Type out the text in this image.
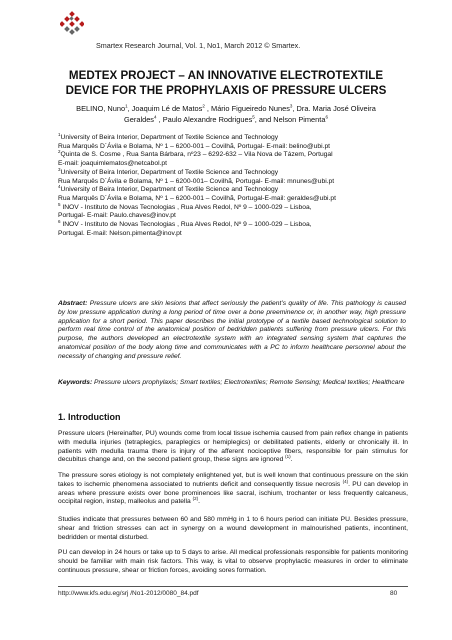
Smartex Research Journal, Vol. 1, No1, March 2012 © Smartex.
MEDTEX PROJECT – AN INNOVATIVE ELECTROTEXTILE
DEVICE FOR THE PROPHYLAXIS OF PRESSURE ULCERS
BELINO, Nuno$^1$, Joaquim Lé de Matos$^2$ , Mário Figueiredo Nunes$^3$, Dra. Maria José Oliveira
Geraldes$^4$ , Paulo Alexandre Rodrigues$^5$, and Nelson Pimenta$^6$

$^1$University of Beira Interior, Department of Textile Science and Technology

Rua Marquês D´Ávila e Bolama, Nº 1 – 6200-001 – Covilhã, Portugal- E-mail: belino@ubi.pt

$^2$Quinta de S. Cosme , Rua Santa Bárbara, nº23 – 6292-632 – Vila Nova de Tázem, Portugal

E-mail: joaquimlematos@netcabol.pt

$^3$University of Beira Interior, Department of Textile Science and Technology

Rua Marquês D´Ávila e Bolama, Nº 1 – 6200-001– Covilhã, Portugal- E-mail: mnunes@ubi.pt

$^4$University of Beira Interior, Department of Textile Science and Technology

Rua Marquês D´Ávila e Bolama, Nº 1 – 6200-001 – Covilhã, Portugal-E-mail: geraldes@ubi.pt

$^5$ INOV - Instituto de Novas Tecnologias , Rua Alves Redol, Nº 9 – 1000-029 – Lisboa,

Portugal- E-mail: Paulo.chaves@inov.pt

$^6$ INOV - Instituto de Novas Tecnologias , Rua Alves Redol, Nº 9 – 1000-029 – Lisboa,

Portugal. E-mail: Nelson.pimenta@inov.pt

Abstract: Pressure ulcers are skin lesions that affect seriously the patient’s quality of life. This pathology is caused by low pressure application during a long period of time over a bone preeminence or, in another way, high pressure application for a short period. This paper describes the initial prototype of a textile based technological solution to perform real time control of the anatomical position of bedridden patients suffering from pressure ulcers. For this purpose, the authors developed an electrotextile system with an integrated sensing system that captures the anatomical position of the body along time and communicates with a PC to inform healthcare personnel about the necessity of changing and pressure relief.
Keywords: Pressure ulcers prophylaxis; Smart textiles; Electrotextiles; Remote Sensing; Medical textiles; Healthcare
1. Introduction

Pressure ulcers (Hereinafter, PU) wounds come from local tissue ischemia caused from pain reflex change in patients with medulla injuries (tetraplegics, paraplegics or hemiplegics) or debilitated patients, elderly or chronically ill. In patients with medulla trauma there is injury of the afferent nociceptive fibers, responsible for pain stimulus for decubitus change and, on the second patient group, these signs are ignored $^{(1)}$.

The pressure sores etiology is not completely enlightened yet, but is well known that continuous pressure on the skin takes to ischemic phenomena associated to nutrients deficit and consequently tissue necrosis $^{(4)}$. PU can develop in areas where pressure exists over bone prominences like sacral, ischium, trochanter or less frequently calcaneus, occipital region, instep, malleolus and patella $^{(2)}$.

Studies indicate that pressures between 60 and 580 mmHg in 1 to 6 hours period can initiate PU. Besides pressure, shear and friction stresses can act in synergy on a wound development in malnourished patients, incontinent, bedridden or mental disturbed.

PU can develop in 24 hours or take up to 5 days to arise. All medical professionals responsible for patients monitoring should be familiar with main risk factors. This way, is vital to observe prophylactic measures in order to eliminate continuous pressure, shear or friction forces, avoiding sores formation.

http://www.kfs.edu.eg/srj /No1-2012/0080_84.pdf	80
